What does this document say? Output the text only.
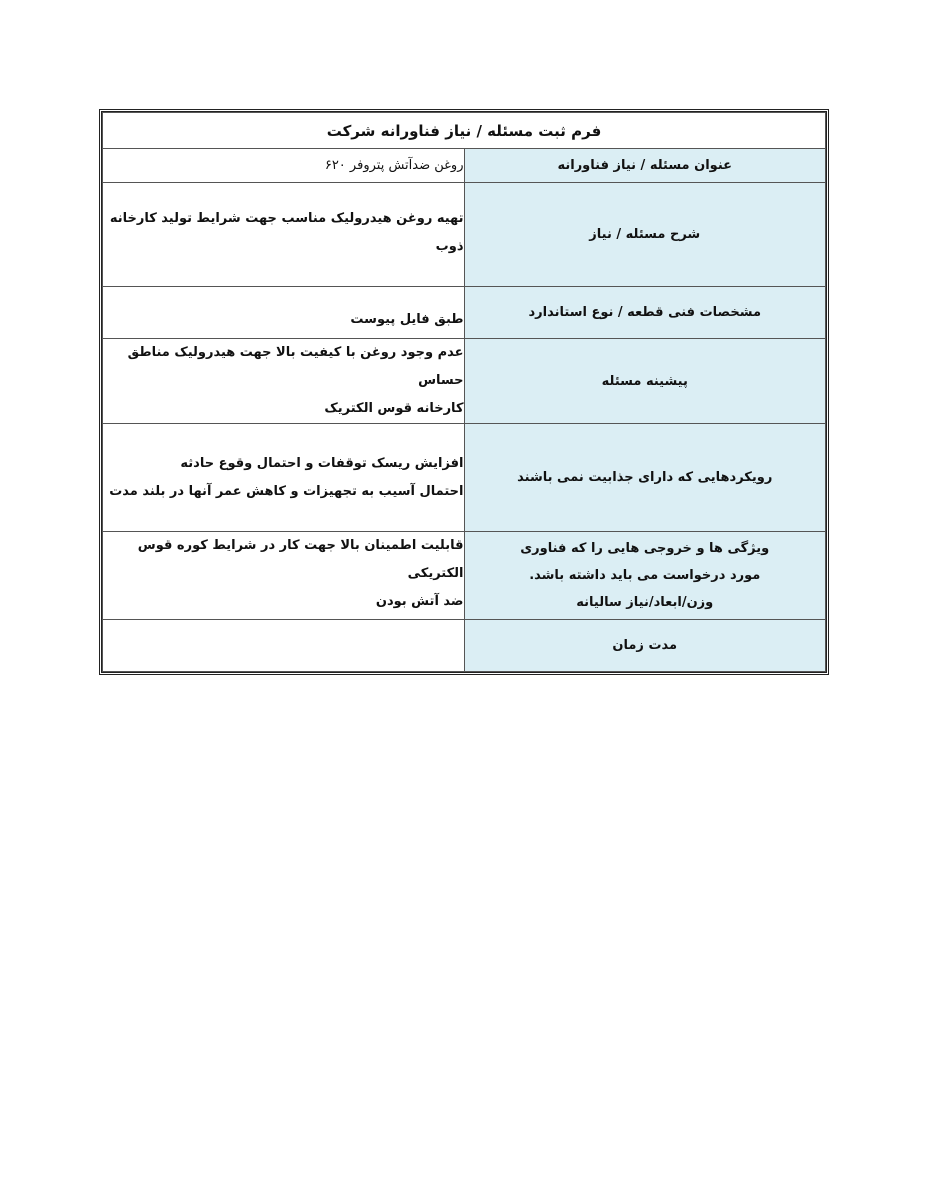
فرم ثبت مسئله / نیاز فناورانه شرکت	
عنوان مسئله / نیاز فناورانه	روغن ضدآتش پتروفر ۶۲۰

شرح مسئله / نیاز	تهیه روغن هیدرولیک مناسب جهت شرایط تولید کارخانه ذوب

مشخصات فنی قطعه / نوع استاندارد	طبق فایل پیوست

پیشینه مسئله	عدم وجود روغن با کیفیت بالا جهت هیدرولیک مناطق حساس
کارخانه قوس الکتریک

رویکردهایی که دارای جذابیت نمی باشند	افزایش ریسک توقفات و احتمال وقوع حادثه
احتمال آسیب به تجهیزات و کاهش عمر آنها در بلند مدت

ویژگی ها و خروجی هایی را که فناوری
مورد درخواست می باید داشته باشد.
وزن/ابعاد/نیاز سالیانه	قابلیت اطمینان بالا جهت کار در شرایط کوره قوس الکتریکی
ضد آتش بودن

مدت زمان	
